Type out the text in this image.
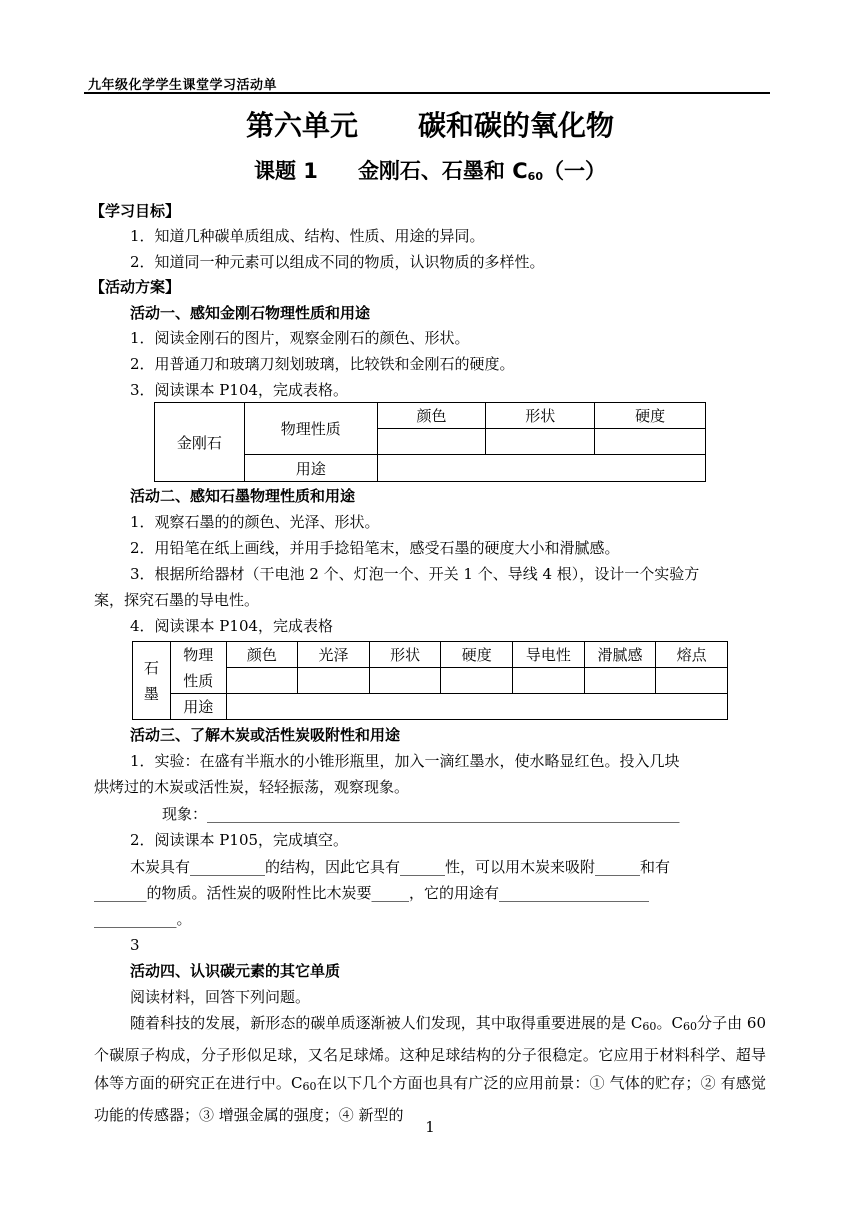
九年级化学学生课堂学习活动单
第六单元 碳和碳的氧化物
课题 1 金刚石、石墨和 C60（一）
【学习目标】
1．知道几种碳单质组成、结构、性质、用途的异同。
2．知道同一种元素可以组成不同的物质，认识物质的多样性。
【活动方案】
活动一、感知金刚石物理性质和用途
1．阅读金刚石的图片，观察金刚石的颜色、形状。
2．用普通刀和玻璃刀刻划玻璃，比较铁和金刚石的硬度。
3．阅读课本 P104，完成表格。
金刚石	物理性质	颜色	形状	硬度

	用途			
活动二、感知石墨物理性质和用途
1．观察石墨的的颜色、光泽、形状。
2．用铅笔在纸上画线，并用手捻铅笔末，感受石墨的硬度大小和滑腻感。
3．根据所给器材（干电池 2 个、灯泡一个、开关 1 个、导线 4 根），设计一个实验方
案，探究石墨的导电性。
4．阅读课本 P104，完成表格
石
墨	物理	颜色	光泽	形状	硬度	导电性	滑腻感	熔点
	性质							
	用途							
活动三、了解木炭或活性炭吸附性和用途
1．实验：在盛有半瓶水的小锥形瓶里，加入一滴红墨水，使水略显红色。投入几块
烘烤过的木炭或活性炭，轻轻振荡，观察现象。
现象：_______________________________________________________________
2．阅读课本 P105，完成填空。
木炭具有__________的结构，因此它具有______性，可以用木炭来吸附______和有
_______的物质。活性炭的吸附性比木炭要_____，它的用途有____________________
___________。
3
活动四、认识碳元素的其它单质
阅读材料，回答下列问题。
随着科技的发展，新形态的碳单质逐渐被人们发现，其中取得重要进展的是 C60。C60分子由 60 个碳原子构成，分子形似足球，又名足球烯。这种足球结构的分子很稳定。它应用于材料科学、超导体等方面的研究正在进行中。C60在以下几个方面也具有广泛的应用前景：① 气体的贮存；② 有感觉功能的传感器；③ 增强金属的强度；④ 新型的
1
